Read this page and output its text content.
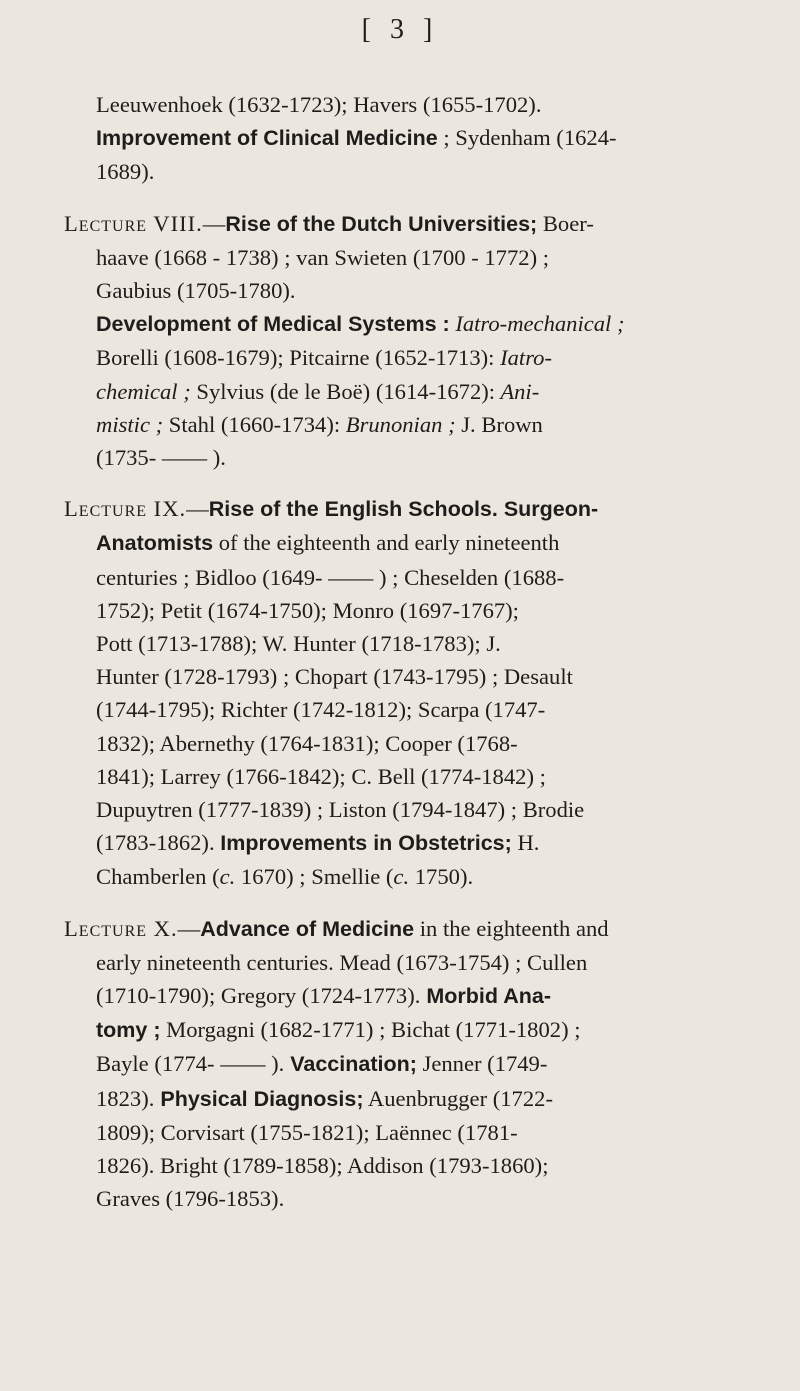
[ 3 ]
Leeuwenhoek (1632-1723); Havers (1655-1702).
Improvement of Clinical Medicine ; Sydenham (1624-
1689).
Lecture VIII.—Rise of the Dutch Universities; Boer-
haave (1668 - 1738) ; van Swieten (1700 - 1772) ;
Gaubius (1705-1780).
Development of Medical Systems : Iatro-mechanical ;
Borelli (1608-1679); Pitcairne (1652-1713): Iatro-
chemical ; Sylvius (de le Boë) (1614-1672): Ani-
mistic ; Stahl (1660-1734): Brunonian ; J. Brown
(1735- —— ).
Lecture IX.—Rise of the English Schools. Surgeon-
Anatomists of the eighteenth and early nineteenth
centuries ; Bidloo (1649- —— ) ; Cheselden (1688-
1752); Petit (1674-1750); Monro (1697-1767);
Pott (1713-1788); W. Hunter (1718-1783); J.
Hunter (1728-1793) ; Chopart (1743-1795) ; Desault
(1744-1795); Richter (1742-1812); Scarpa (1747-
1832); Abernethy (1764-1831); Cooper (1768-
1841); Larrey (1766-1842); C. Bell (1774-1842) ;
Dupuytren (1777-1839) ; Liston (1794-1847) ; Brodie
(1783-1862). Improvements in Obstetrics; H.
Chamberlen (c. 1670) ; Smellie (c. 1750).
Lecture X.—Advance of Medicine in the eighteenth and
early nineteenth centuries. Mead (1673-1754) ; Cullen
(1710-1790); Gregory (1724-1773). Morbid Ana-
tomy ; Morgagni (1682-1771) ; Bichat (1771-1802) ;
Bayle (1774- —— ). Vaccination; Jenner (1749-
1823). Physical Diagnosis; Auenbrugger (1722-
1809); Corvisart (1755-1821); Laënnec (1781-
1826). Bright (1789-1858); Addison (1793-1860);
Graves (1796-1853).
